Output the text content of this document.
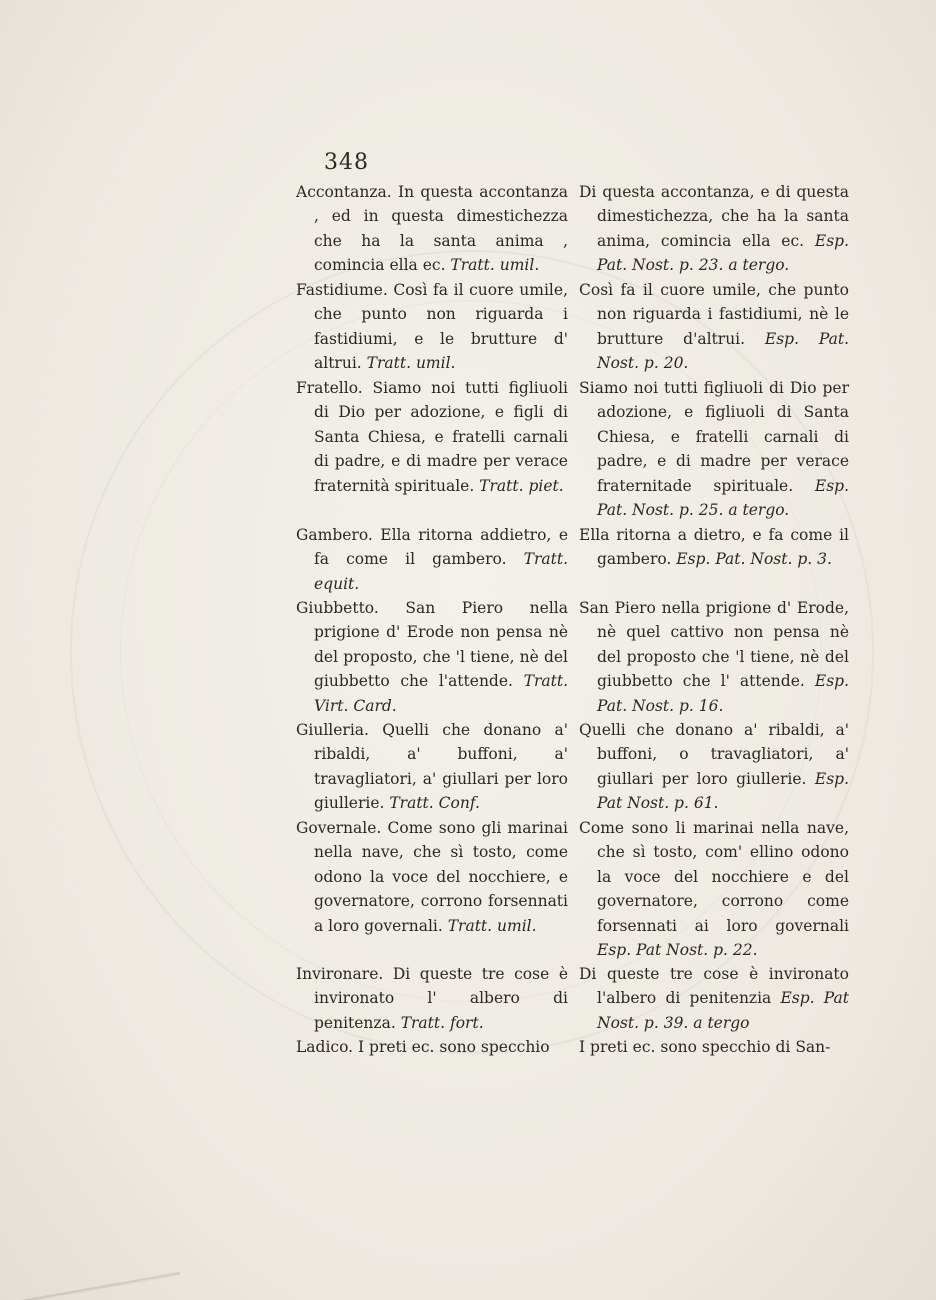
348

Accontanza. In questa accontanza , ed in questa dimestichezza che ha la santa anima , comincia ella ec. Tratt. umil.

Fastidiume. Così fa il cuore umile, che punto non riguarda i fastidiumi, e le brutture d' altrui. Tratt. umil.

Fratello. Siamo noi tutti figliuoli di Dio per adozione, e figli di Santa Chiesa, e fratelli carnali di padre, e di madre per verace fraternità spirituale. Tratt. piet.

Gambero. Ella ritorna addietro, e fa come il gambero. Tratt. equit.

Giubbetto. San Piero nella prigione d' Erode non pensa nè del proposto, che 'l tiene, nè del giubbetto che l'attende. Tratt. Virt. Card.

Giulleria. Quelli che donano a' ribaldi, a' buffoni, a' travagliatori, a' giullari per loro giullerie. Tratt. Conf.

Governale. Come sono gli marinai nella nave, che sì tosto, come odono la voce del nocchiere, e governatore, corrono forsennati a loro governali. Tratt. umil.

Invironare. Di queste tre cose è invironato l' albero di penitenza. Tratt. fort.

Ladico. I preti ec. sono specchio

Di questa accontanza, e di questa dimestichezza, che ha la santa anima, comincia ella ec. Esp. Pat. Nost. p. 23. a tergo.

Così fa il cuore umile, che punto non riguarda i fastidiumi, nè le brutture d'altrui. Esp. Pat. Nost. p. 20.

Siamo noi tutti figliuoli di Dio per adozione, e figliuoli di Santa Chiesa, e fratelli carnali di padre, e di madre per verace fraternitade spirituale. Esp. Pat. Nost. p. 25. a tergo.

Ella ritorna a dietro, e fa come il gambero. Esp. Pat. Nost. p. 3.

San Piero nella prigione d' Erode, nè quel cattivo non pensa nè del proposto che 'l tiene, nè del giubbetto che l' attende. Esp. Pat. Nost. p. 16.

Quelli che donano a' ribaldi, a' buffoni, o travagliatori, a' giullari per loro giullerie. Esp. Pat Nost. p. 61.

Come sono li marinai nella nave, che sì tosto, com' ellino odono la voce del nocchiere e del governatore, corrono come forsennati ai loro governali Esp. Pat Nost. p. 22.

Di queste tre cose è invironato l'albero di penitenzia Esp. Pat Nost. p. 39. a tergo

I preti ec. sono specchio di San-
